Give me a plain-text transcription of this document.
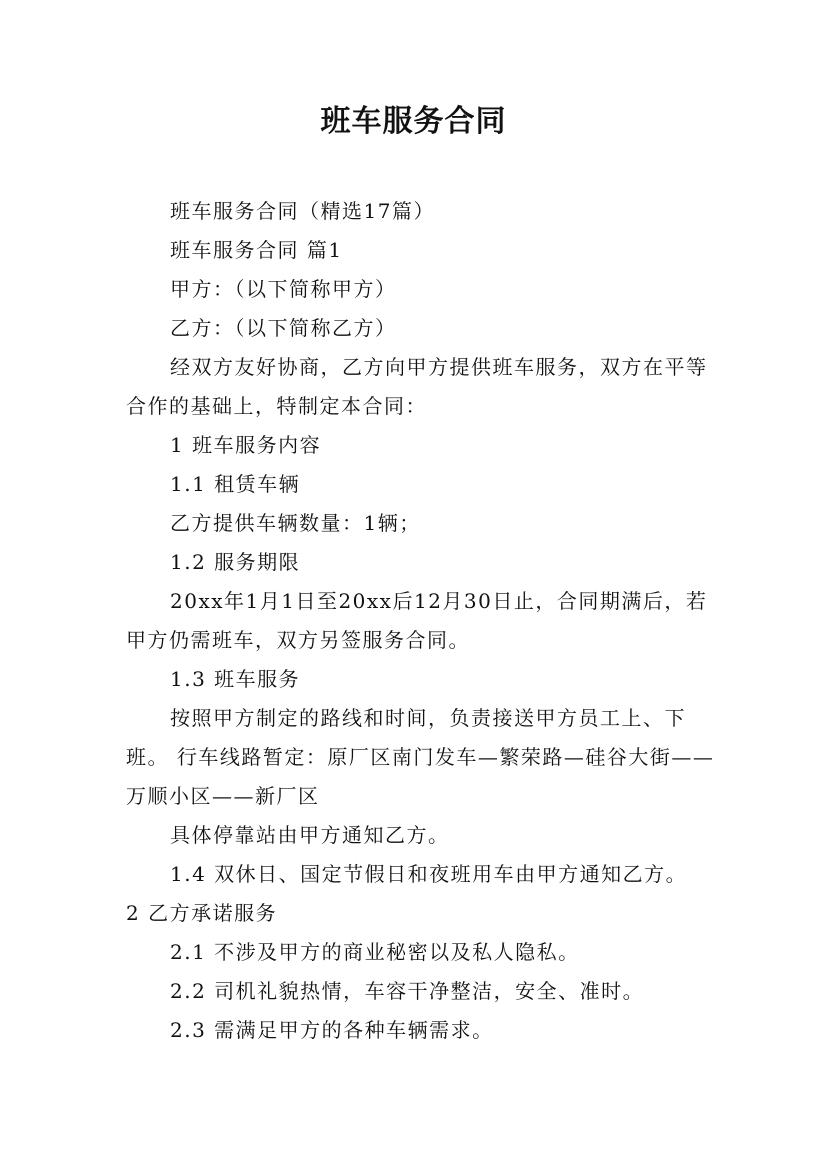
班车服务合同

班车服务合同（精选17篇）

班车服务合同 篇1

甲方：（以下简称甲方）

乙方：（以下简称乙方）

经双方友好协商，乙方向甲方提供班车服务，双方在平等合作的基础上，特制定本合同：

1 班车服务内容

1.1 租赁车辆

乙方提供车辆数量：1辆；

1.2 服务期限

20xx年1月1日至20xx后12月30日止，合同期满后，若甲方仍需班车，双方另签服务合同。

1.3 班车服务

按照甲方制定的路线和时间，负责接送甲方员工上、下班。 行车线路暂定：原厂区南门发车—繁荣路—硅谷大街——万顺小区——新厂区

具体停靠站由甲方通知乙方。

1.4 双休日、国定节假日和夜班用车由甲方通知乙方。

2 乙方承诺服务

2.1 不涉及甲方的商业秘密以及私人隐私。

2.2 司机礼貌热情，车容干净整洁，安全、准时。

2.3 需满足甲方的各种车辆需求。
